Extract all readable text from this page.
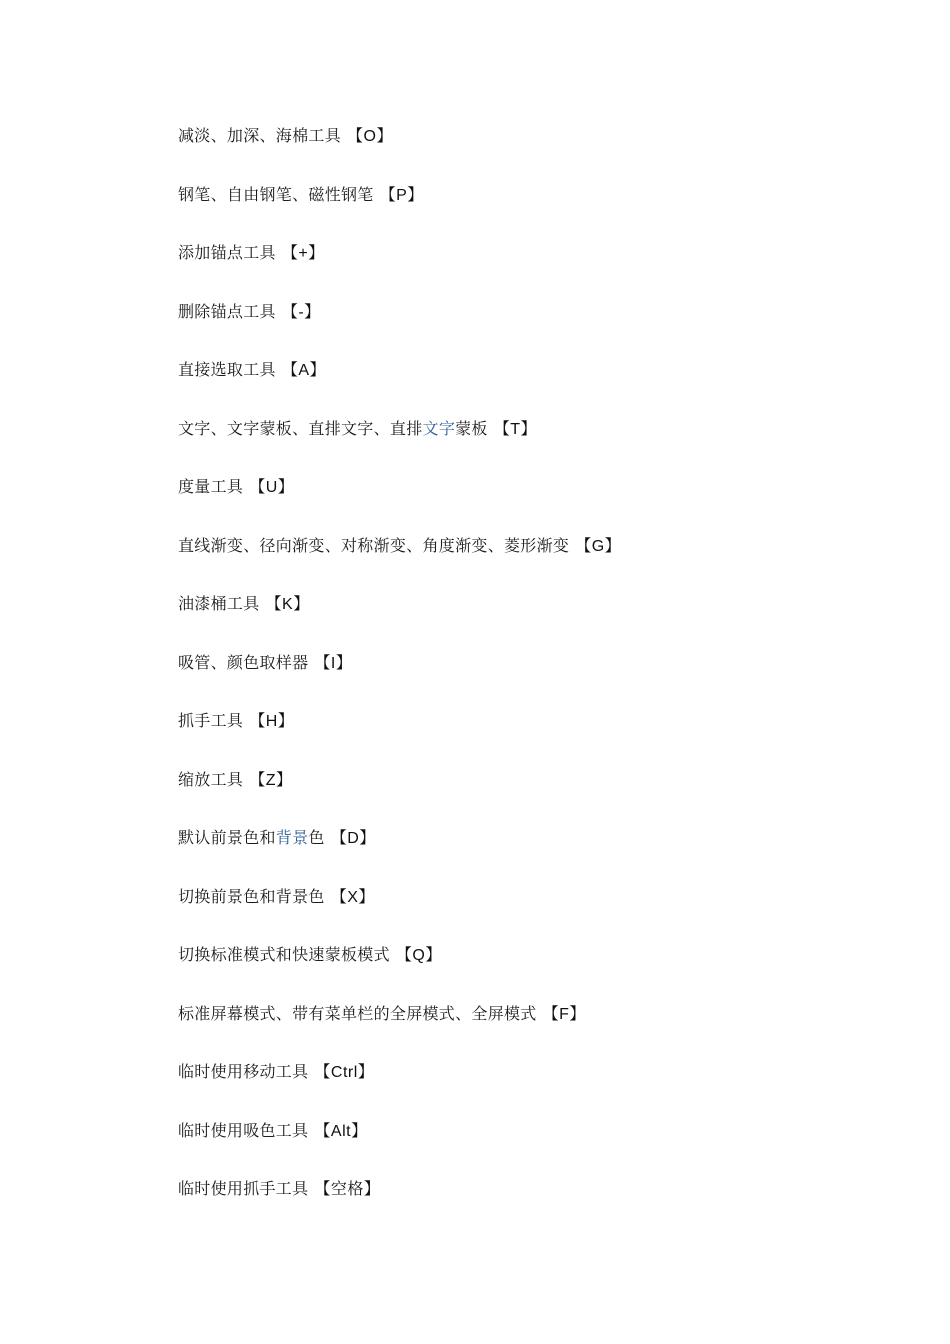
减淡、加深、海棉工具 【O】
钢笔、自由钢笔、磁性钢笔 【P】
添加锚点工具 【+】
删除锚点工具 【-】
直接选取工具 【A】
文字、文字蒙板、直排文字、直排文字蒙板 【T】
度量工具 【U】
直线渐变、径向渐变、对称渐变、角度渐变、菱形渐变 【G】
油漆桶工具 【K】
吸管、颜色取样器 【I】
抓手工具 【H】
缩放工具 【Z】
默认前景色和背景色 【D】
切换前景色和背景色 【X】
切换标准模式和快速蒙板模式 【Q】
标准屏幕模式、带有菜单栏的全屏模式、全屏模式 【F】
临时使用移动工具 【Ctrl】
临时使用吸色工具 【Alt】
临时使用抓手工具 【空格】
